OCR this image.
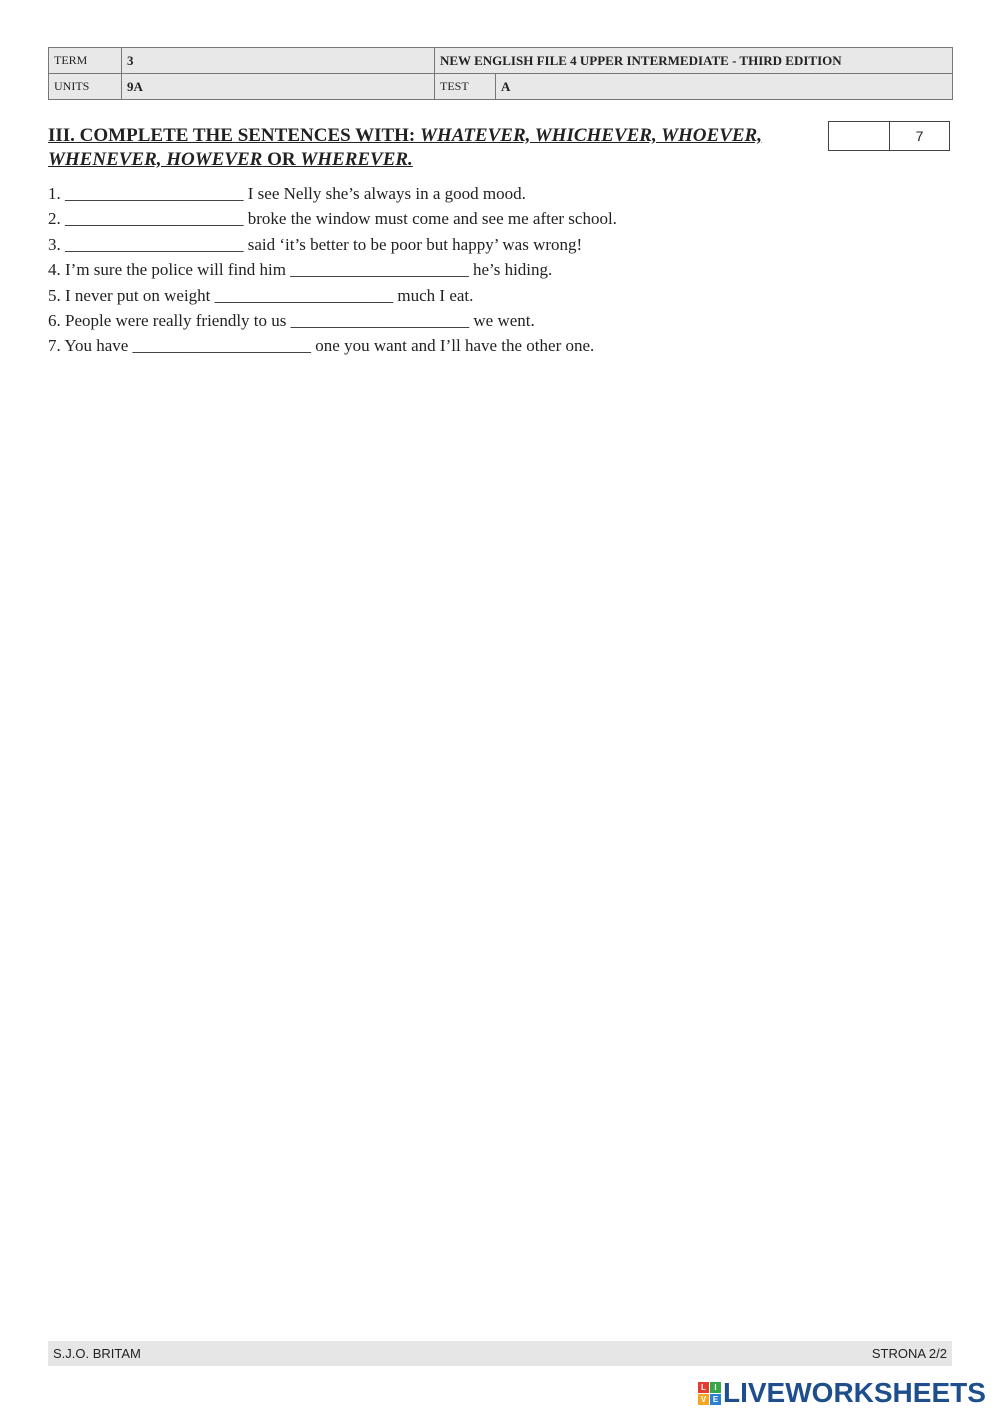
TERM	3	NEW ENGLISH FILE 4 UPPER INTERMEDIATE - THIRD EDITION	
UNITS	9A	TEST	A
III. COMPLETE THE SENTENCES WITH: WHATEVER, WHICHEVER, WHOEVER, WHENEVER, HOWEVER OR WHEREVER.
7
1. _____________________ I see Nelly she’s always in a good mood.
2. _____________________ broke the window must come and see me after school.
3. _____________________ said ‘it’s better to be poor but happy’ was wrong!
4. I’m sure the police will find him _____________________ he’s hiding.
5. I never put on weight _____________________ much I eat.
6. People were really friendly to us _____________________ we went.
7. You have _____________________ one you want and I’ll have the other one.
S.J.O. BRITAM	STRONA 2/2
L	I
V E LIVEWORKSHEETS
